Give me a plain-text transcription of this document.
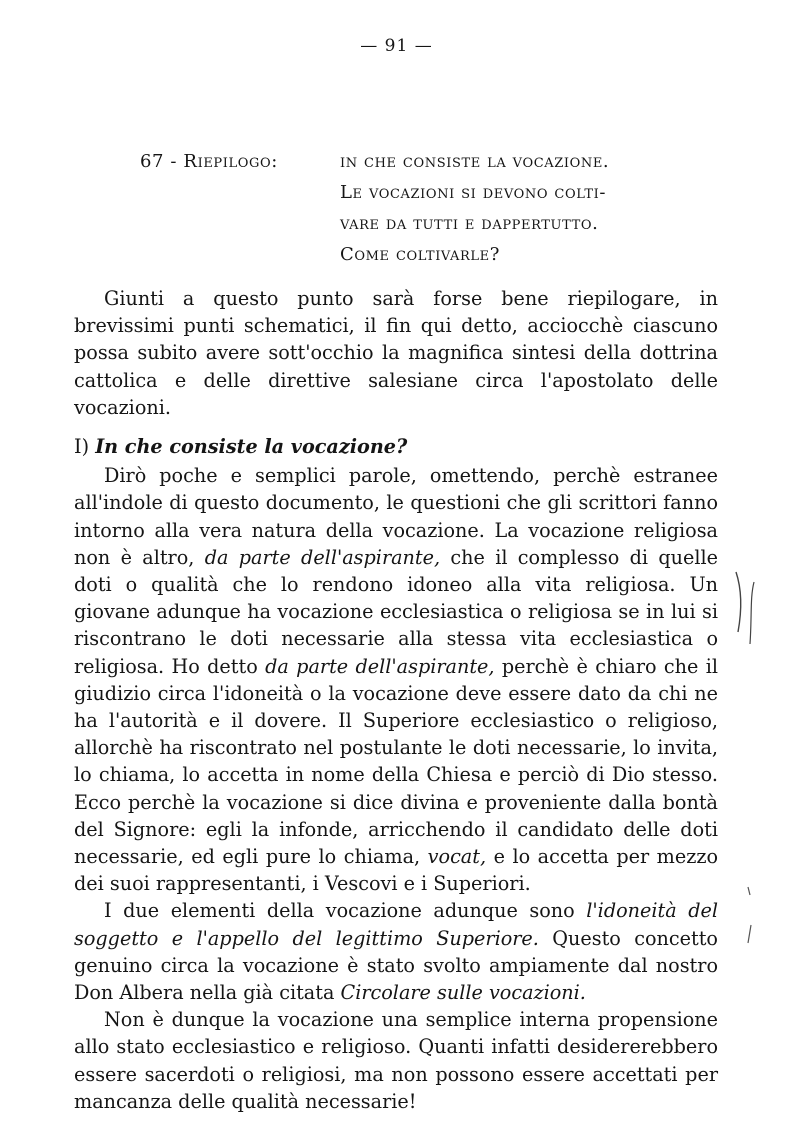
— 91 —
67 - Riepilogo:	in che consiste la vocazione.
Le vocazioni si devono colti-
vare da tutti e dappertutto.
Come coltivarle?

Giunti a questo punto sarà forse bene riepilogare, in brevissimi punti schematici, il fin qui detto, acciocchè ciascuno possa subito avere sott'occhio la magnifica sintesi della dottrina cattolica e delle direttive salesiane circa l'apostolato delle vocazioni.

I) In che consiste la vocazione?

Dirò poche e semplici parole, omettendo, perchè estranee all'indole di questo documento, le questioni che gli scrittori fanno intorno alla vera natura della vocazione. La vocazione religiosa non è altro, da parte dell'aspirante, che il complesso di quelle doti o qualità che lo rendono idoneo alla vita religiosa. Un giovane adunque ha vocazione ecclesiastica o religiosa se in lui si riscontrano le doti necessarie alla stessa vita ecclesiastica o religiosa. Ho detto da parte dell'aspirante, perchè è chiaro che il giudizio circa l'idoneità o la vocazione deve essere dato da chi ne ha l'autorità e il dovere. Il Superiore ecclesiastico o religioso, allorchè ha riscontrato nel postulante le doti necessarie, lo invita, lo chiama, lo accetta in nome della Chiesa e perciò di Dio stesso. Ecco perchè la vocazione si dice divina e proveniente dalla bontà del Signore: egli la infonde, arricchendo il candidato delle doti necessarie, ed egli pure lo chiama, vocat, e lo accetta per mezzo dei suoi rappresentanti, i Vescovi e i Superiori.

I due elementi della vocazione adunque sono l'idoneità del soggetto e l'appello del legittimo Superiore. Questo concetto genuino circa la vocazione è stato svolto ampiamente dal nostro Don Albera nella già citata Circolare sulle vocazioni.

Non è dunque la vocazione una semplice interna propensione allo stato ecclesiastico e religioso. Quanti infatti desidererebbero essere sacerdoti o religiosi, ma non possono essere accettati per mancanza delle qualità necessarie!
